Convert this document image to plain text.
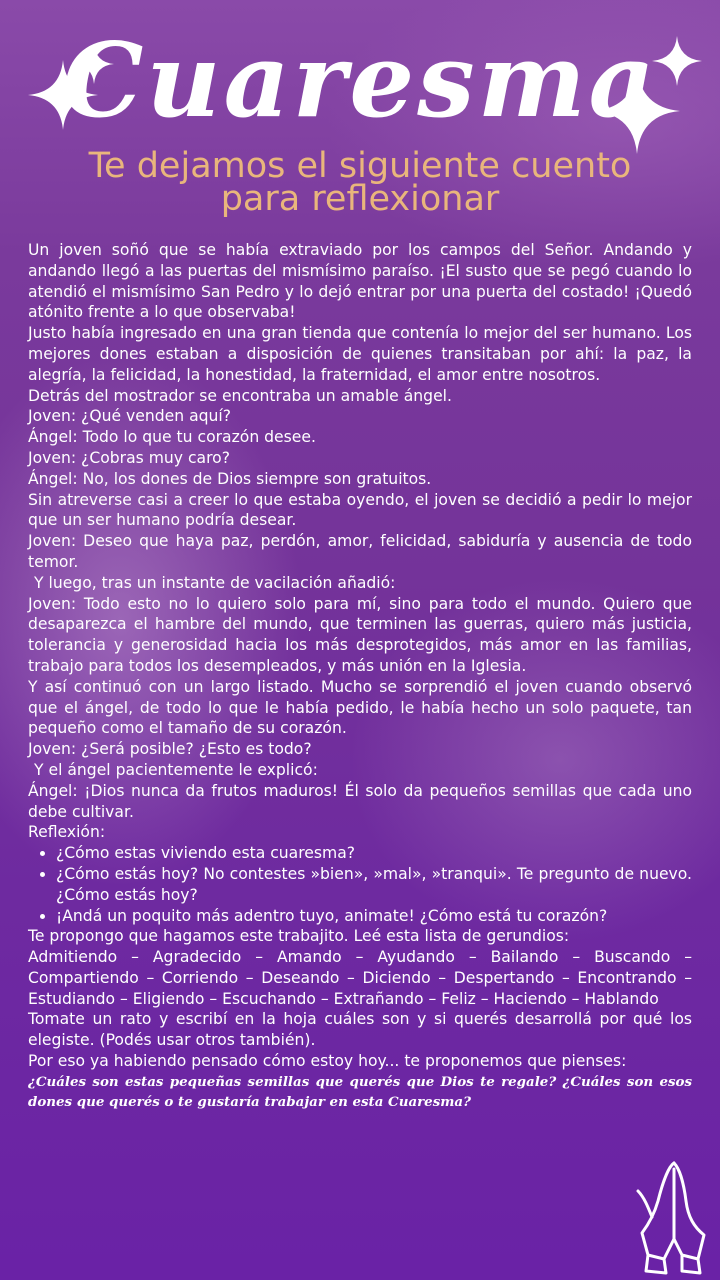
Cuaresma
Te dejamos el siguiente cuento
para reflexionar

Un joven soñó que se había extraviado por los campos del Señor. Andando y andando llegó a las puertas del mismísimo paraíso. ¡El susto que se pegó cuando lo atendió el mismísimo San Pedro y lo dejó entrar por una puerta del costado! ¡Quedó atónito frente a lo que observaba!

Justo había ingresado en una gran tienda que contenía lo mejor del ser humano. Los mejores dones estaban a disposición de quienes transitaban por ahí: la paz, la alegría, la felicidad, la honestidad, la fraternidad, el amor entre nosotros.

Detrás del mostrador se encontraba un amable ángel.

Joven: ¿Qué venden aquí?

Ángel: Todo lo que tu corazón desee.

Joven: ¿Cobras muy caro?

Ángel: No, los dones de Dios siempre son gratuitos.

Sin atreverse casi a creer lo que estaba oyendo, el joven se decidió a pedir lo mejor que un ser humano podría desear.

Joven: Deseo que haya paz, perdón, amor, felicidad, sabiduría y ausencia de todo temor.

Y luego, tras un instante de vacilación añadió:

Joven: Todo esto no lo quiero solo para mí, sino para todo el mundo. Quiero que desaparezca el hambre del mundo, que terminen las guerras, quiero más justicia, tolerancia y generosidad hacia los más desprotegidos, más amor en las familias, trabajo para todos los desempleados, y más unión en la Iglesia.

Y así continuó con un largo listado. Mucho se sorprendió el joven cuando observó que el ángel, de todo lo que le había pedido, le había hecho un solo paquete, tan pequeño como el tamaño de su corazón.

Joven: ¿Será posible? ¿Esto es todo?

Y el ángel pacientemente le explicó:

Ángel: ¡Dios nunca da frutos maduros! Él solo da pequeños semillas que cada uno debe cultivar.

Reflexión:

• ¿Cómo estas viviendo esta cuaresma?
• ¿Cómo estás hoy? No contestes »bien», »mal», »tranqui». Te pregunto de nuevo. ¿Cómo estás hoy?
• ¡Andá un poquito más adentro tuyo, animate! ¿Cómo está tu corazón?

Te propongo que hagamos este trabajito. Leé esta lista de gerundios:

Admitiendo – Agradecido – Amando – Ayudando – Bailando – Buscando – Compartiendo – Corriendo – Deseando – Diciendo – Despertando – Encontrando – Estudiando – Eligiendo – Escuchando – Extrañando – Feliz – Haciendo – Hablando

Tomate un rato y escribí en la hoja cuáles son y si querés desarrollá por qué los elegiste. (Podés usar otros también).

Por eso ya habiendo pensado cómo estoy hoy... te proponemos que pienses:

¿Cuáles son estas pequeñas semillas que querés que Dios te regale? ¿Cuáles son esos dones que querés o te gustaría trabajar en esta Cuaresma?
